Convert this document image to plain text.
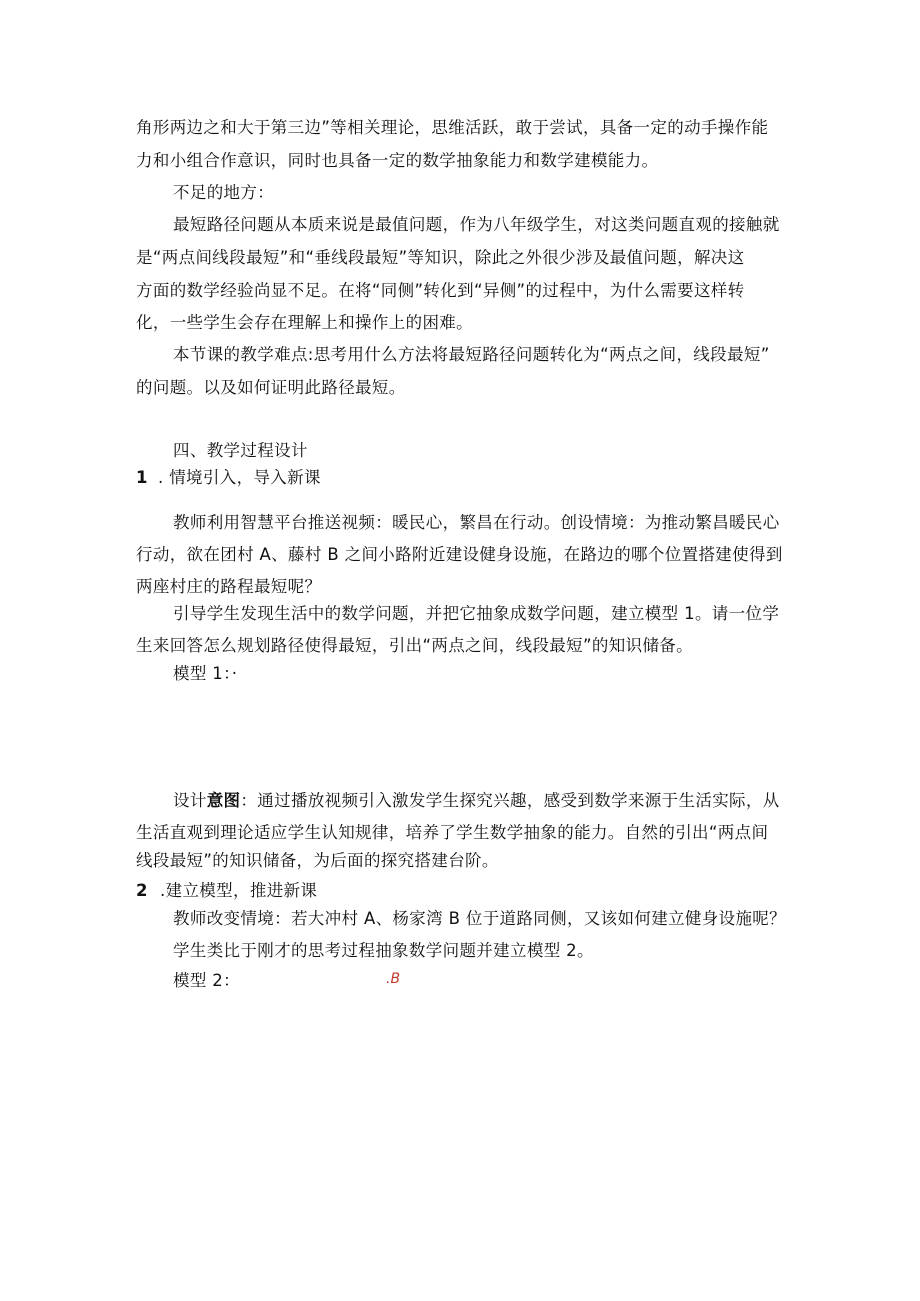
角形两边之和大于第三边”等相关理论，思维活跃，敢于尝试，具备一定的动手操作能
力和小组合作意识，同时也具备一定的数学抽象能力和数学建模能力。
不足的地方：
最短路径问题从本质来说是最值问题，作为八年级学生，对这类问题直观的接触就
是“两点间线段最短”和“垂线段最短”等知识，除此之外很少涉及最值问题，解决这
方面的数学经验尚显不足。在将“同侧”转化到“异侧”的过程中，为什么需要这样转
化，一些学生会存在理解上和操作上的困难。
本节课的教学难点:思考用什么方法将最短路径问题转化为“两点之间，线段最短”
的问题。以及如何证明此路径最短。
四、教学过程设计
1 . 情境引入，导入新课
教师利用智慧平台推送视频：暖民心，繁昌在行动。创设情境：为推动繁昌暖民心
行动，欲在团村 A、藤村 B 之间小路附近建设健身设施，在路边的哪个位置搭建使得到
两座村庄的路程最短呢？
引导学生发现生活中的数学问题，并把它抽象成数学问题，建立模型 1。请一位学
生来回答怎么规划路径使得最短，引出“两点之间，线段最短”的知识储备。
模型 1：·
设计意图：通过播放视频引入激发学生探究兴趣，感受到数学来源于生活实际，从
生活直观到理论适应学生认知规律，培养了学生数学抽象的能力。自然的引出“两点间
线段最短”的知识储备，为后面的探究搭建台阶。
2 .建立模型，推进新课
教师改变情境：若大冲村 A、杨家湾 B 位于道路同侧，又该如何建立健身设施呢？
学生类比于刚才的思考过程抽象数学问题并建立模型 2。
模型 2：	.B
